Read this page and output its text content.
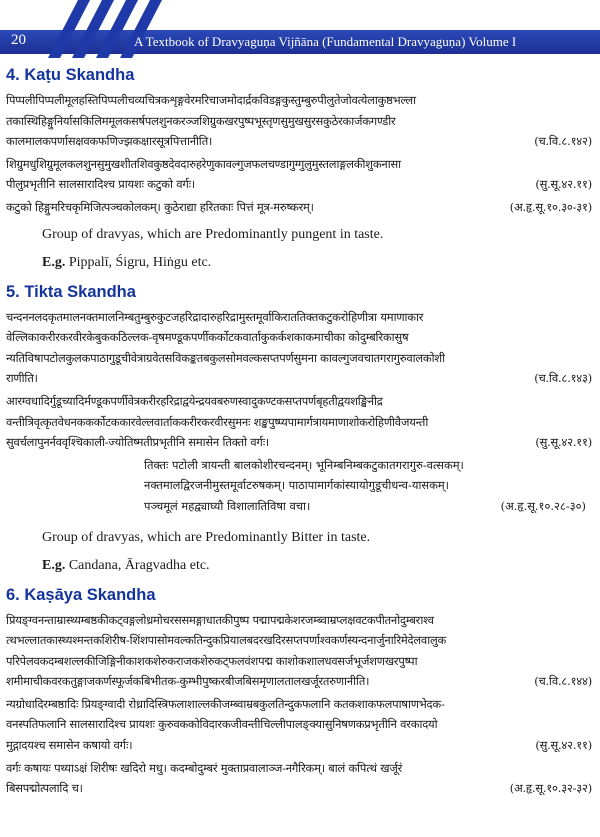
20	A Textbook of Dravyaguṇa Vijñāna (Fundamental Dravyaguṇa) Volume I
4. Kaṭu Skandha

पिप्पलीपिप्पलीमूलहस्तिपिप्पलीचव्यचित्रकशृङ्गवेरमरिचाजमोदार्द्रकविडङ्गकुस्तुम्बुरुपीलुतेजोवत्येलाकुष्ठभल्ला
तकास्थिहिङ्गुनिर्यासकिलिममूलकसर्षपलशुनकरञ्जशिग्रुकखरपुष्पभूस्तृणसुमुखसुरसकुठेरकार्जकगण्डीर
कालमालकपर्णासक्षवकफणिज्झकक्षारसूत्रपित्तानीति।	(च.वि.८.१४२)

शिग्रुमधुशिग्रुमूलकलशुनसुमुखशीतशिवकुष्ठदेवदारुहरेणुकावल्गुजफलचण्डागुग्गुलुमुस्तलाङ्गलकीशुकनासा
पीलुप्रभृतीनि सालसारादिश्च प्रायशः कटुको वर्गः।	(सु.सू.४२.११)

कटुको हिङ्गुमरिचकृमिजित्पञ्चकोलकम्। कुठेराद्या हरितकाः पित्तं मूत्र-मरुष्करम्।	(अ.हृ.सू.१०.३०-३१)

Group of dravyas, which are Predominantly pungent in taste.

E.g. Pippalī, Śigru, Hiṅgu etc.

5. Tikta Skandha

चन्दननलदकृतमालनक्तमालनिम्बतुम्बुरुकुटजहरिद्रादारुहरिद्रामुस्तमूर्वाकिराततिक्तकटुकरोहिणीत्रा यमाणाकार
वेल्लिकाकरीरकरवीरकेबुककठिल्लक-वृषमण्डूकपर्णीकर्कोटकवार्ताकुकर्कशकाकमाचीका कोदुम्बरिकासुष
न्यतिविषापटोलकुलकपाठागुडूचीवेत्राग्रवेतसविकङ्कतबकुलसोमवल्कसप्तपर्णसुमना कावल्गुजवचातगरागुरुवालकोशी
राणीति।	(च.वि.८.१४३)

आरग्वधादिर्गुडूच्यादिर्मण्डूकपर्णीवेत्रकरीरहरिद्राद्वयेन्द्रयवबरुणस्वादुकण्टकसप्तपर्णबृहतीद्वयशङ्खिनीद्र
वन्तीत्रिवृत्कृतवेधनककर्कोटककारवेल्लवार्ताककरीरकरवीरसुमनः शङ्खपुष्प्यपामार्गत्रायमाणाशोकरोहिणीवैजयन्ती
सुवर्चलापुनर्नववृश्चिकाली-ज्योतिष्मतीप्रभृतीनि समासेन तिक्तो वर्गः।	(सु.सू.४२.११)

तिक्तः पटोली त्रायन्ती बालकोशीरचन्दनम्। भूनिम्बनिम्बकटुकातगरागुरु-वत्सकम्।
नक्तमालद्विरजनीमुस्तमूर्वाटरुषकम्। पाठापामार्गकांस्यायोगुडूचीधन्व-यासकम्।
पञ्चमूलं महद्व्याघ्यौ विशालातिविषा वचा।	(अ.हृ.सू.१०.२८-३०)

Group of dravyas, which are Predominantly Bitter in taste.

E.g. Candana, Āragvadha etc.

6. Kaṣāya Skandha

प्रियङ्ग्वनन्ताम्रास्थ्यम्बष्ठकीकट्वङ्गलोध्रमोचरससमङ्गाधातकीपुष्प पद्मापद्मकेशरजम्ब्वाम्रप्लक्षवटकपीतनोदुम्बराश्व
त्थभल्लातकास्थ्यश्मन्तकशिरीष-शिंशपासोमवल्कतिन्दुकप्रियालबदरखदिरसप्तपर्णाश्वकर्णस्यन्दनार्जुनारिमेदेलवालुक
परिपेलवकदम्बशल्लकीजिङ्गिनीकाशकशेरुकराजकशेरुकट्फलवंशपद्म काशोकशालधवसर्जभूर्जशणखरपुष्पा
शमीमाचीकवरकतुङ्गाजकर्णस्फूर्जकबिभीतक-कुम्भीपुष्करबीजबिसमृणालतालखर्जूरतरुणानीति।	(च.वि.८.१४४)

न्यग्रोधादिरम्बष्ठादिः प्रियङ्ग्वादी रोध्रादिस्त्रिफलाशाल्लकीजम्ब्वाम्रबकुलतिन्दुकफलानि कतकशाकफलपाषाणभेदक-
वनस्पतिफलानि सालसारादिश्च प्रायशः कुरुवककोविदारकजीवन्तीचिल्लीपालङ्क्यासुनिषणकप्रभृतीनि वरकादयो
मुद्गादयश्च समासेन कषायो वर्गः।	(सु.सू.४२.११)

वर्गः कषायः पथ्याऽक्षं शिरीषः खदिरो मधु। कदम्बोदुम्बरं मुक्ताप्रवालाञ्ज-नगैरिकम्। बालं कपित्थं खर्जूरं
बिसपद्मोत्पलादि च।	(अ.हृ.सू.१०.३२-३२)
